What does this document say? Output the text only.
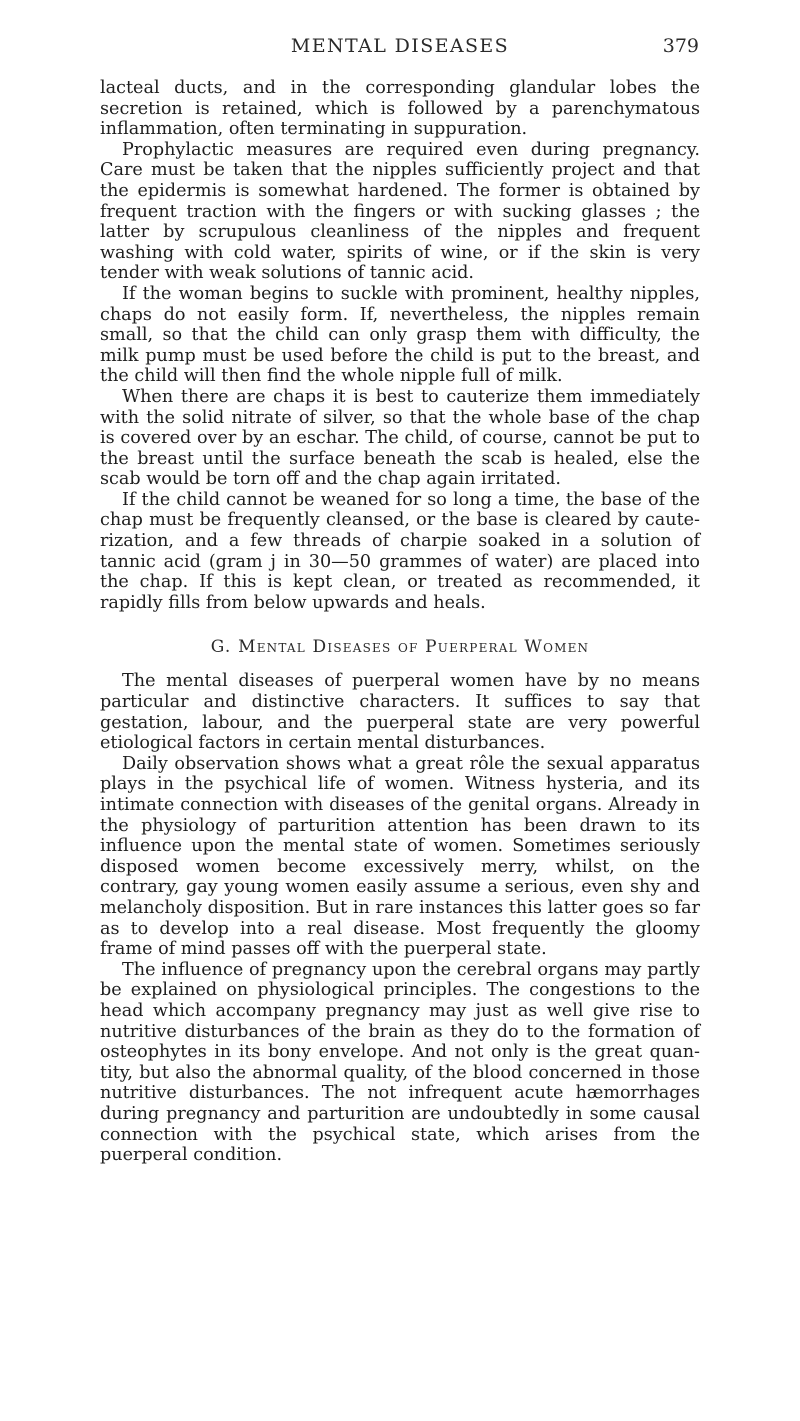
MENTAL DISEASES	379

lacteal ducts, and in the corresponding glandular lobes the secretion is retained, which is followed by a parenchymatous inflammation, often terminating in suppuration.

Prophylactic measures are required even during pregnancy. Care must be taken that the nipples sufficiently project and that the epidermis is somewhat hardened. The former is obtained by frequent traction with the fingers or with sucking glasses ; the latter by scrupulous cleanliness of the nipples and frequent washing with cold water, spirits of wine, or if the skin is very tender with weak solutions of tannic acid.

If the woman begins to suckle with prominent, healthy nipples, chaps do not easily form. If, nevertheless, the nipples remain small, so that the child can only grasp them with difficulty, the milk pump must be used before the child is put to the breast, and the child will then find the whole nipple full of milk.

When there are chaps it is best to cauterize them immediately with the solid nitrate of silver, so that the whole base of the chap is covered over by an eschar. The child, of course, cannot be put to the breast until the surface beneath the scab is healed, else the scab would be torn off and the chap again irritated.

If the child cannot be weaned for so long a time, the base of the chap must be frequently cleansed, or the base is cleared by cauterization, and a few threads of charpie soaked in a solution of tannic acid (gram j in 30—50 grammes of water) are placed into the chap. If this is kept clean, or treated as recommended, it rapidly fills from below upwards and heals.

G. Mental Diseases of Puerperal Women

The mental diseases of puerperal women have by no means particular and distinctive characters. It suffices to say that gestation, labour, and the puerperal state are very powerful etiological factors in certain mental disturbances.

Daily observation shows what a great rôle the sexual apparatus plays in the psychical life of women. Witness hysteria, and its intimate connection with diseases of the genital organs. Already in the physiology of parturition attention has been drawn to its influence upon the mental state of women. Sometimes seriously disposed women become excessively merry, whilst, on the contrary, gay young women easily assume a serious, even shy and melancholy disposition. But in rare instances this latter goes so far as to develop into a real disease. Most frequently the gloomy frame of mind passes off with the puerperal state.

The influence of pregnancy upon the cerebral organs may partly be explained on physiological principles. The congestions to the head which accompany pregnancy may just as well give rise to nutritive disturbances of the brain as they do to the formation of osteophytes in its bony envelope. And not only is the great quantity, but also the abnormal quality, of the blood concerned in those nutritive disturbances. The not infrequent acute hæmorrhages during pregnancy and parturition are undoubtedly in some causal connection with the psychical state, which arises from the puerperal condition.
